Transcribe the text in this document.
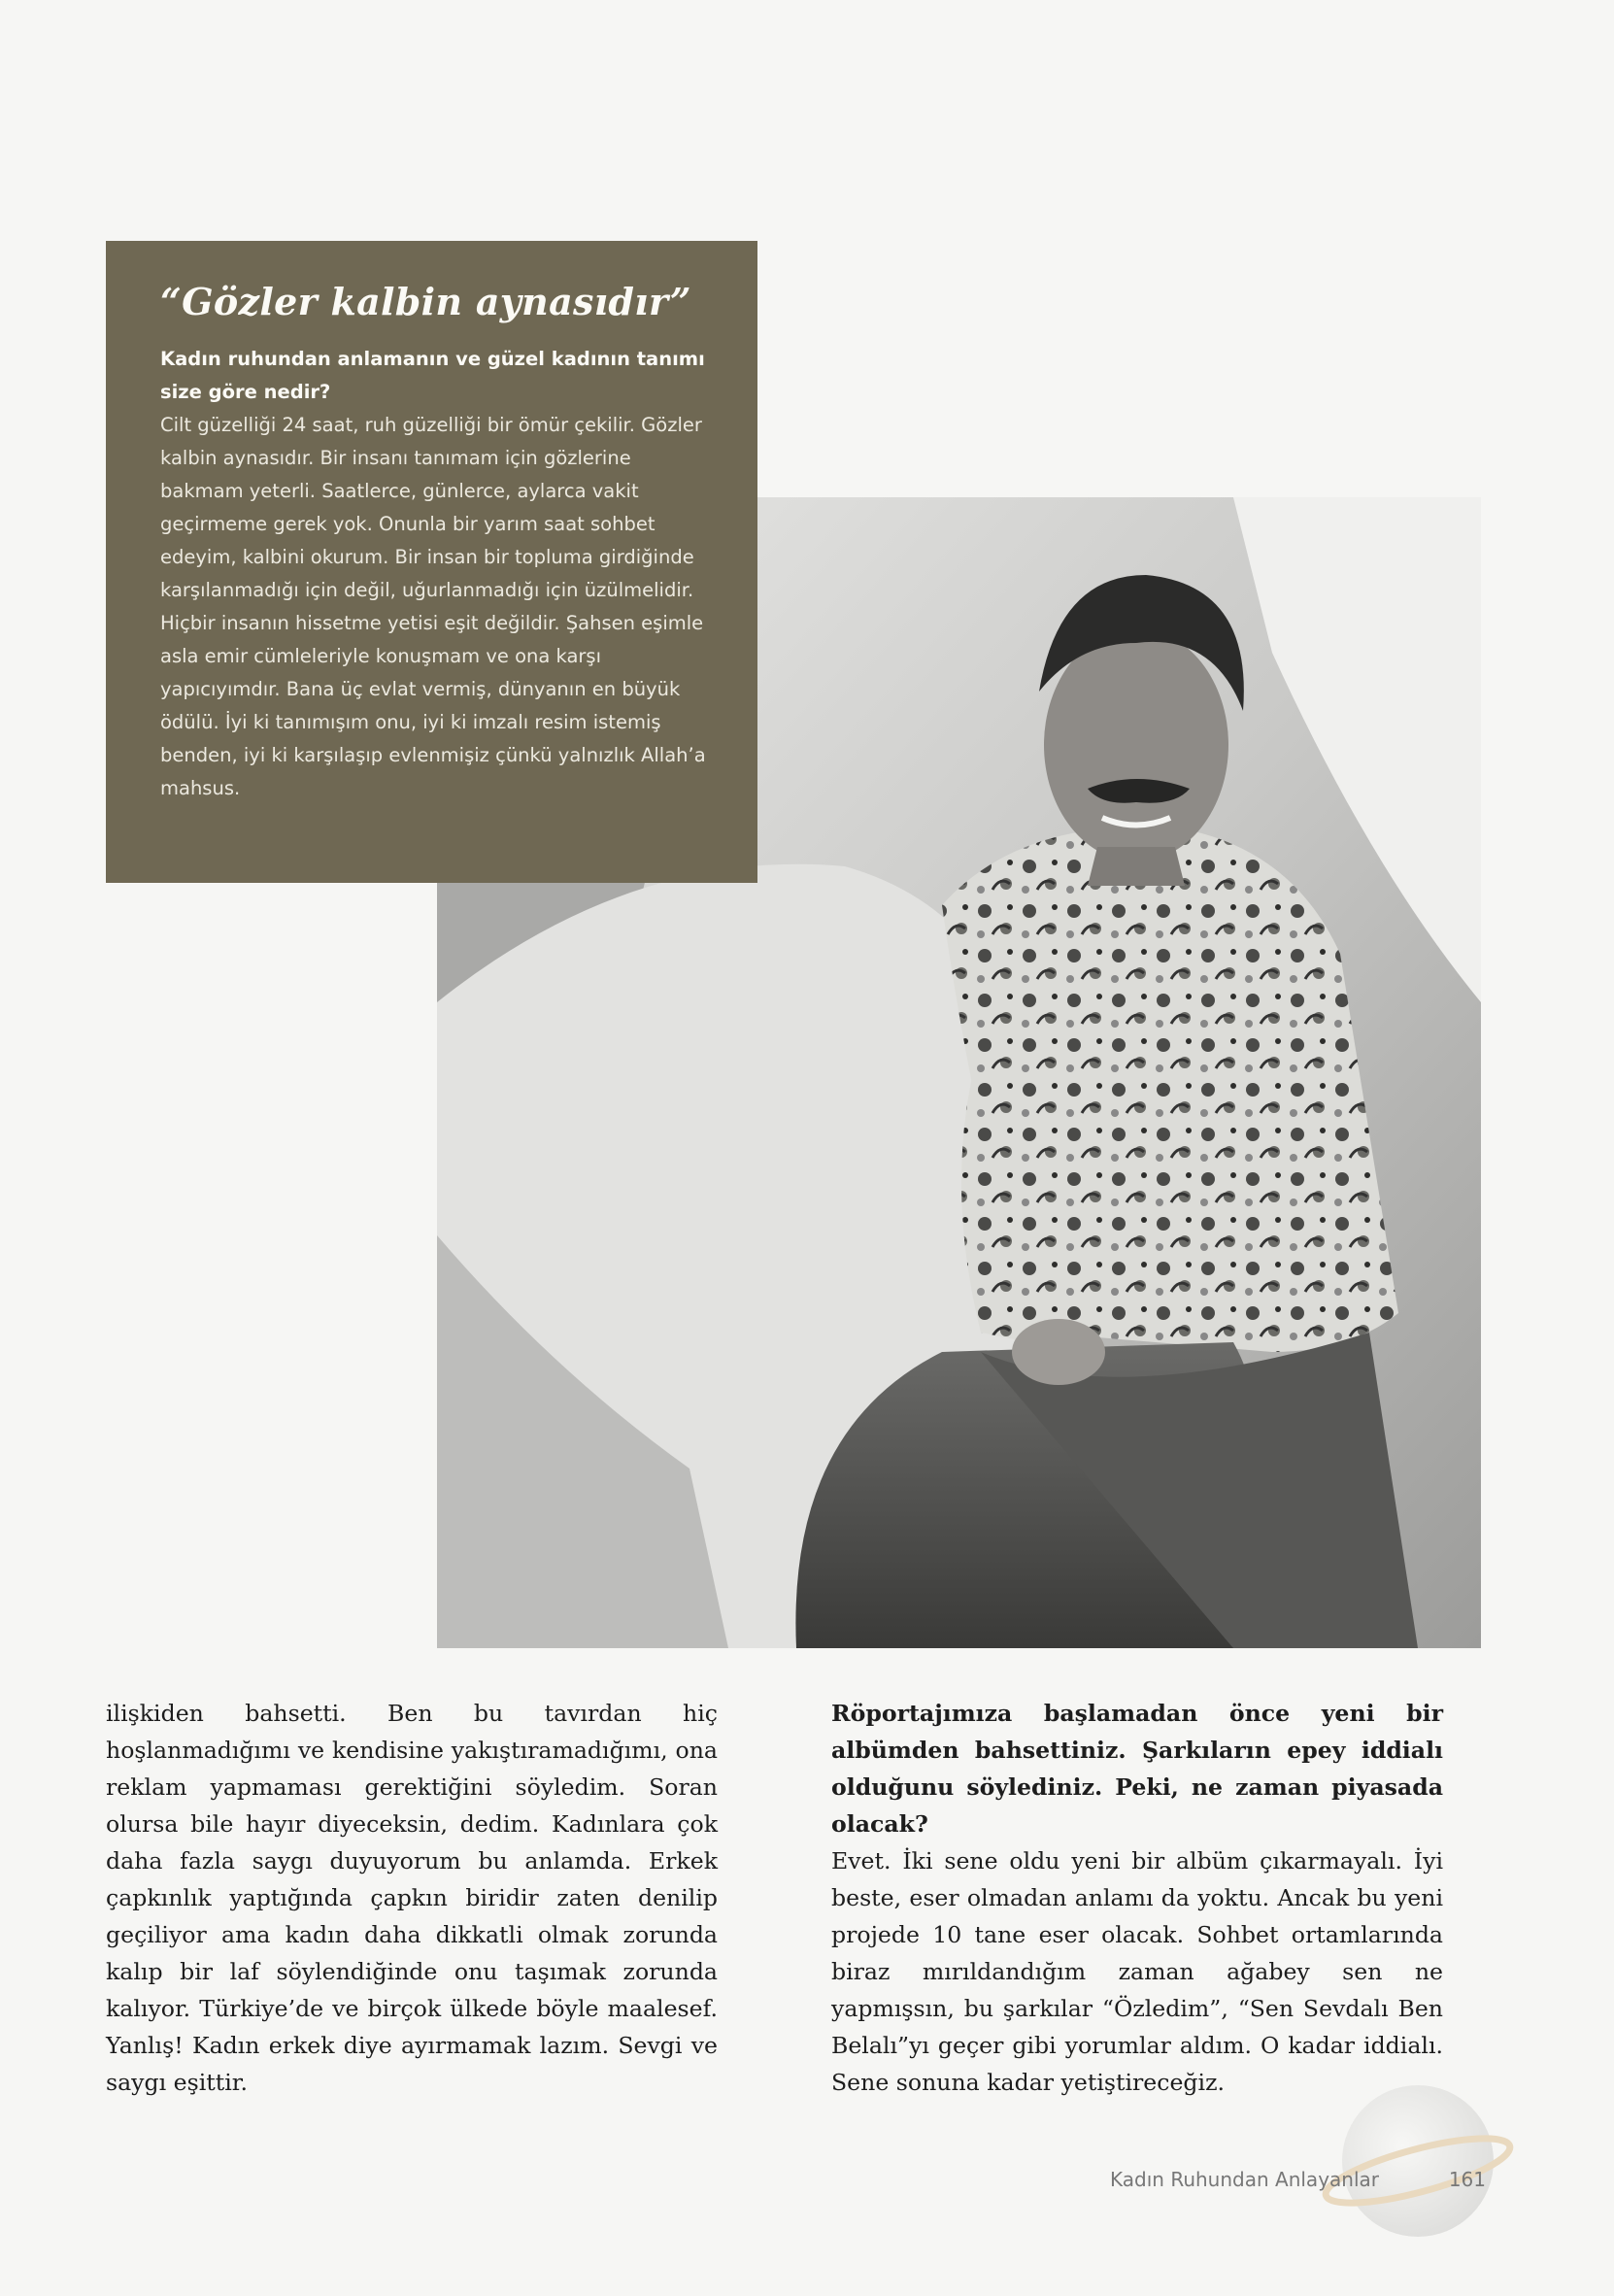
“Gözler kalbin aynasıdır”

Kadın ruhundan anlamanın ve güzel kadının tanımı size göre nedir?

Cilt güzelliği 24 saat, ruh güzelliği bir ömür çekilir. Gözler kalbin aynasıdır. Bir insanı tanımam için gözlerine bakmam yeterli. Saatlerce, günlerce, aylarca vakit geçirmeme gerek yok. Onunla bir yarım saat sohbet edeyim, kalbini okurum. Bir insan bir topluma girdiğinde karşılanmadığı için değil, uğurlanmadığı için üzülmelidir. Hiçbir insanın hissetme yetisi eşit değildir. Şahsen eşimle asla emir cümleleriyle konuşmam ve ona karşı yapıcıyımdır. Bana üç evlat vermiş, dünyanın en büyük ödülü. İyi ki tanımışım onu, iyi ki imzalı resim istemiş benden, iyi ki karşılaşıp evlenmişiz çünkü yalnızlık Allah’a mahsus.

ilişkiden bahsetti. Ben bu tavırdan hiç hoşlanmadığımı ve kendisine yakıştıramadığımı, ona reklam yapmaması gerektiğini söyledim. Soran olursa bile hayır diyeceksin, dedim. Kadınlara çok daha fazla saygı duyuyorum bu anlamda. Erkek çapkınlık yaptığında çapkın biridir zaten denilip geçiliyor ama kadın daha dikkatli olmak zorunda kalıp bir laf söylendiğinde onu taşımak zorunda kalıyor. Türkiye’de ve birçok ülkede böyle maalesef. Yanlış! Kadın erkek diye ayırmamak lazım. Sevgi ve saygı eşittir.

Röportajımıza başlamadan önce yeni bir albümden bahsettiniz. Şarkıların epey iddialı olduğunu söylediniz. Peki, ne zaman piyasada olacak?

Evet. İki sene oldu yeni bir albüm çıkarmayalı. İyi beste, eser olmadan anlamı da yoktu. Ancak bu yeni projede 10 tane eser olacak. Sohbet ortamlarında biraz mırıldandığım zaman ağabey sen ne yapmışsın, bu şarkılar “Özledim”, “Sen Sevdalı Ben Belalı”yı geçer gibi yorumlar aldım. O kadar iddialı. Sene sonuna kadar yetiştireceğiz.

Kadın Ruhundan Anlayanlar	161
